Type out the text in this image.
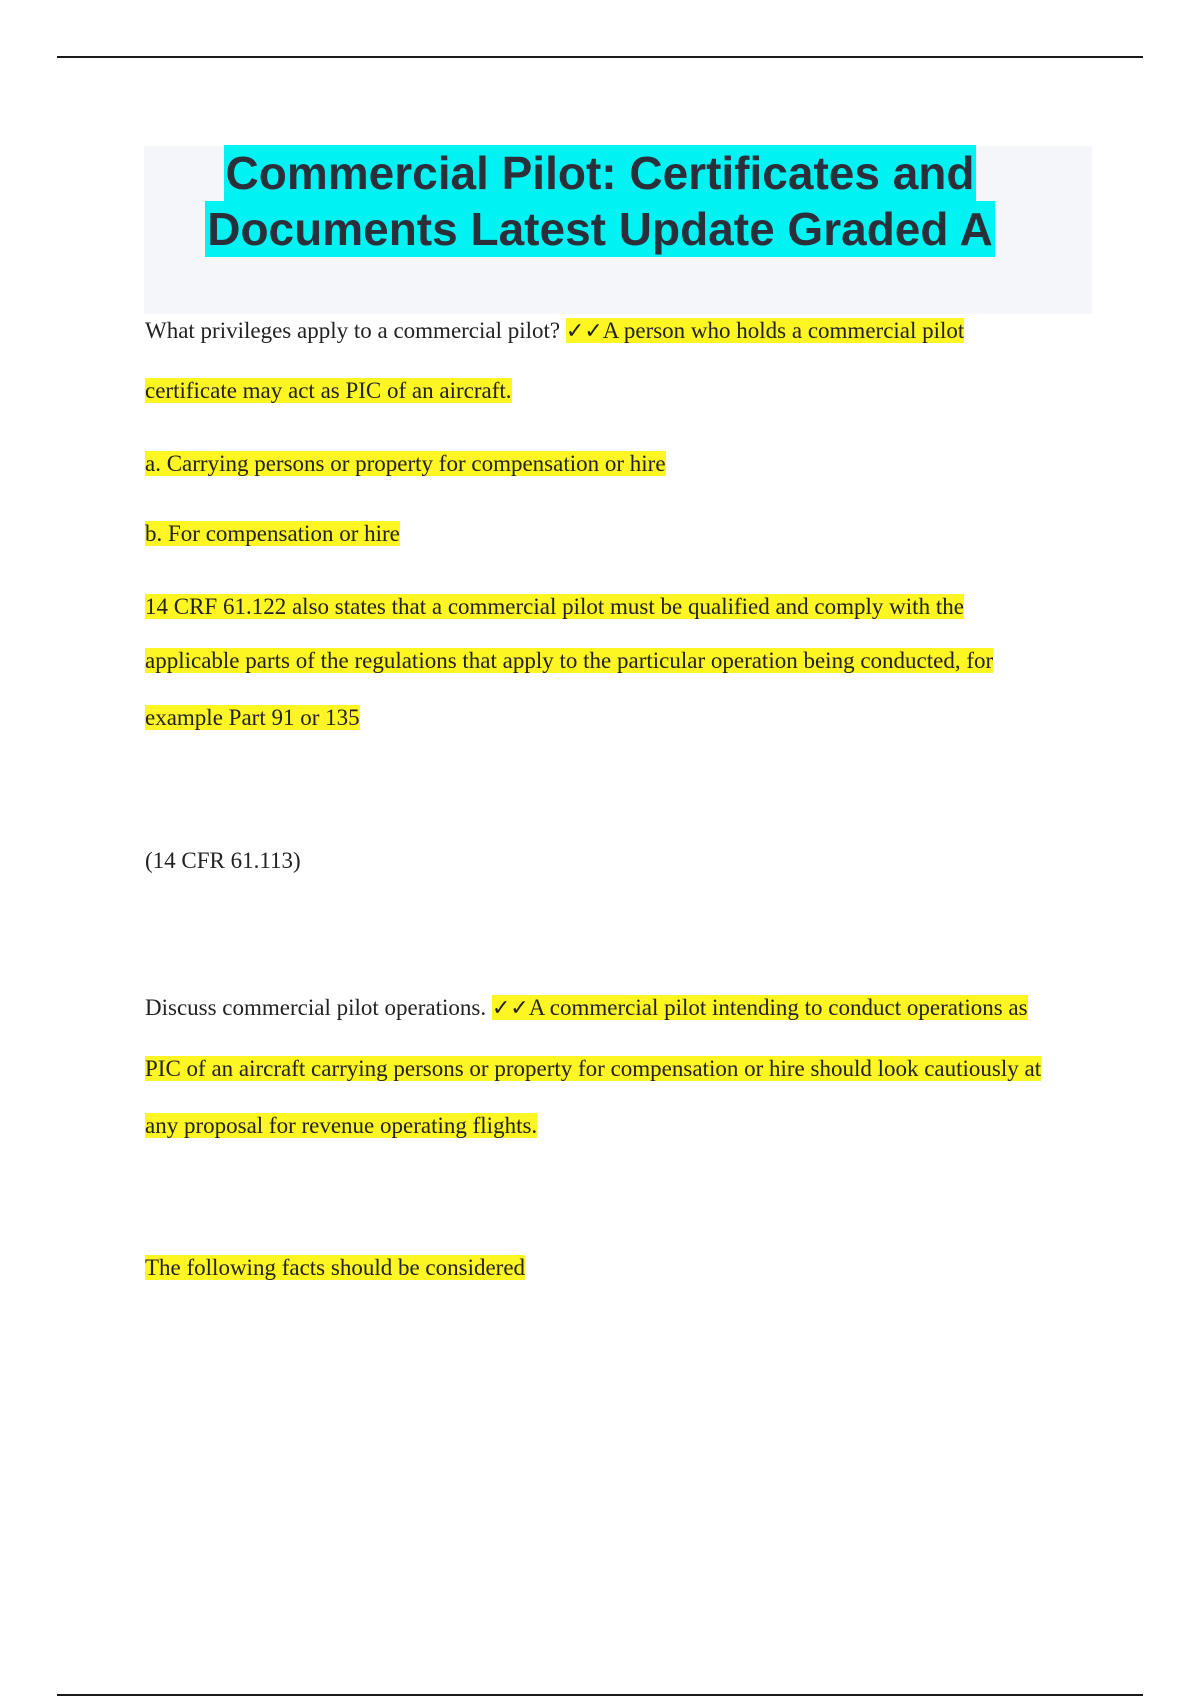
Commercial Pilot: Certificates and
Documents Latest Update Graded A

What privileges apply to a commercial pilot? ✓✓A person who holds a commercial pilot

certificate may act as PIC of an aircraft.

a. Carrying persons or property for compensation or hire

b. For compensation or hire

14 CRF 61.122 also states that a commercial pilot must be qualified and comply with the

applicable parts of the regulations that apply to the particular operation being conducted, for

example Part 91 or 135

(14 CFR 61.113)

Discuss commercial pilot operations. ✓✓A commercial pilot intending to conduct operations as

PIC of an aircraft carrying persons or property for compensation or hire should look cautiously at

any proposal for revenue operating flights.

The following facts should be considered
